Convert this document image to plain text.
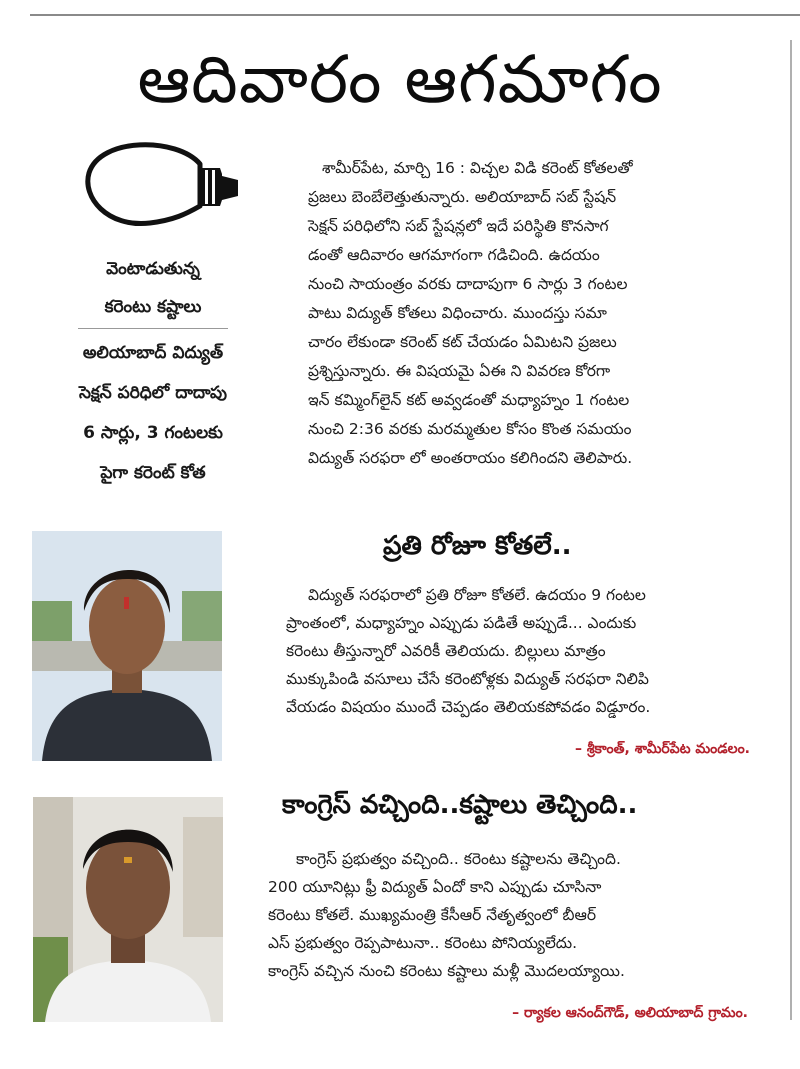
ఆదివారం ఆగమాగం
వెంటాడుతున్న
కరెంటు కష్టాలు
అలియాబాద్ విద్యుత్
సెక్షన్ పరిధిలో దాదాపు
6 సార్లు, 3 గంటలకు
పైగా కరెంట్ కోత

శామీర్‌పేట, మార్చి 16 : విచ్చల విడి కరెంట్ కోతలతో

ప్రజలు బెంబేలెత్తుతున్నారు. అలియాబాద్ సబ్ స్టేషన్

సెక్షన్ పరిధిలోని సబ్ స్టేషన్లలో ఇదే పరిస్థితి కొనసాగ

డంతో ఆదివారం ఆగమాగంగా గడిచింది. ఉదయం

నుంచి సాయంత్రం వరకు దాదాపుగా 6 సార్లు 3 గంటల

పాటు విద్యుత్ కోతలు విధించారు. ముందస్తు సమా

చారం లేకుండా కరెంట్ కట్ చేయడం ఏమిటని ప్రజలు

ప్రశ్నిస్తున్నారు. ఈ విషయమై ఏఈ ని వివరణ కోరగా

ఇన్ కమ్మింగ్‌లైన్ కట్ అవ్వడంతో మధ్యాహ్నం 1 గంటల

నుంచి 2:36 వరకు మరమ్మతుల కోసం కొంత సమయం

విద్యుత్ సరఫరా లో అంతరాయం కలిగిందని తెలిపారు.

ప్రతి రోజూ కోతలే..

విద్యుత్ సరఫరాలో ప్రతి రోజూ కోతలే. ఉదయం 9 గంటల

ప్రాంతంలో, మధ్యాహ్నం ఎప్పుడు పడితే అప్పుడే... ఎందుకు

కరెంటు తీస్తున్నారో ఎవరికీ తెలియదు. బిల్లులు మాత్రం

ముక్కుపిండి వసూలు చేసే కరెంటోళ్లకు విద్యుత్ సరఫరా నిలిపి

వేయడం విషయం ముందే చెప్పడం తెలియకపోవడం విడ్డూరం.

– శ్రీకాంత్, శామీర్‌పేట మండలం.
కాంగ్రెస్ వచ్చింది..కష్టాలు తెచ్చింది..

కాంగ్రెస్ ప్రభుత్వం వచ్చింది.. కరెంటు కష్టాలను తెచ్చింది.

200 యూనిట్లు ఫ్రీ విద్యుత్ ఏందో కాని ఎప్పుడు చూసినా

కరెంటు కోతలే. ముఖ్యమంత్రి కేసీఆర్ నేతృత్వంలో బీఆర్

ఎస్ ప్రభుత్వం రెప్పపాటునా.. కరెంటు పోనియ్యలేదు.

కాంగ్రెస్ వచ్చిన నుంచి కరెంటు కష్టాలు మళ్లీ మొదలయ్యాయి.

– ర్యాకల ఆనంద్‌గౌడ్, అలియాబాద్ గ్రామం.
